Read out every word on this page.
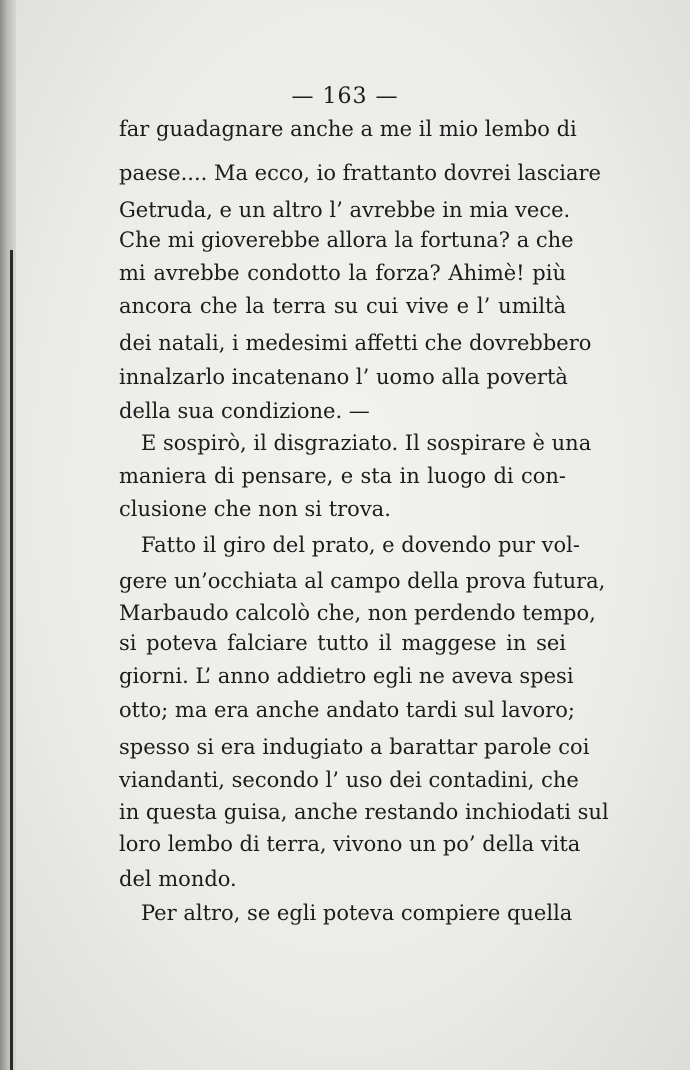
— 163 —
far guadagnare anche a me il mio lembo di
paese.... Ma ecco, io frattanto dovrei lasciare
Getruda, e un altro l’ avrebbe in mia vece.
Che mi gioverebbe allora la fortuna? a che
mi avrebbe condotto la forza? Ahimè! più
ancora che la terra su cui vive e l’ umiltà
dei natali, i medesimi affetti che dovrebbero
innalzarlo incatenano l’ uomo alla povertà
della sua condizione. —
E sospirò, il disgraziato. Il sospirare è una
maniera di pensare, e sta in luogo di con-
clusione che non si trova.
Fatto il giro del prato, e dovendo pur vol-
gere un’occhiata al campo della prova futura,
Marbaudo calcolò che, non perdendo tempo,
si poteva falciare tutto il maggese in sei
giorni. L’ anno addietro egli ne aveva spesi
otto; ma era anche andato tardi sul lavoro;
spesso si era indugiato a barattar parole coi
viandanti, secondo l’ uso dei contadini, che
in questa guisa, anche restando inchiodati sul
loro lembo di terra, vivono un po’ della vita
del mondo.
Per altro, se egli poteva compiere quella
